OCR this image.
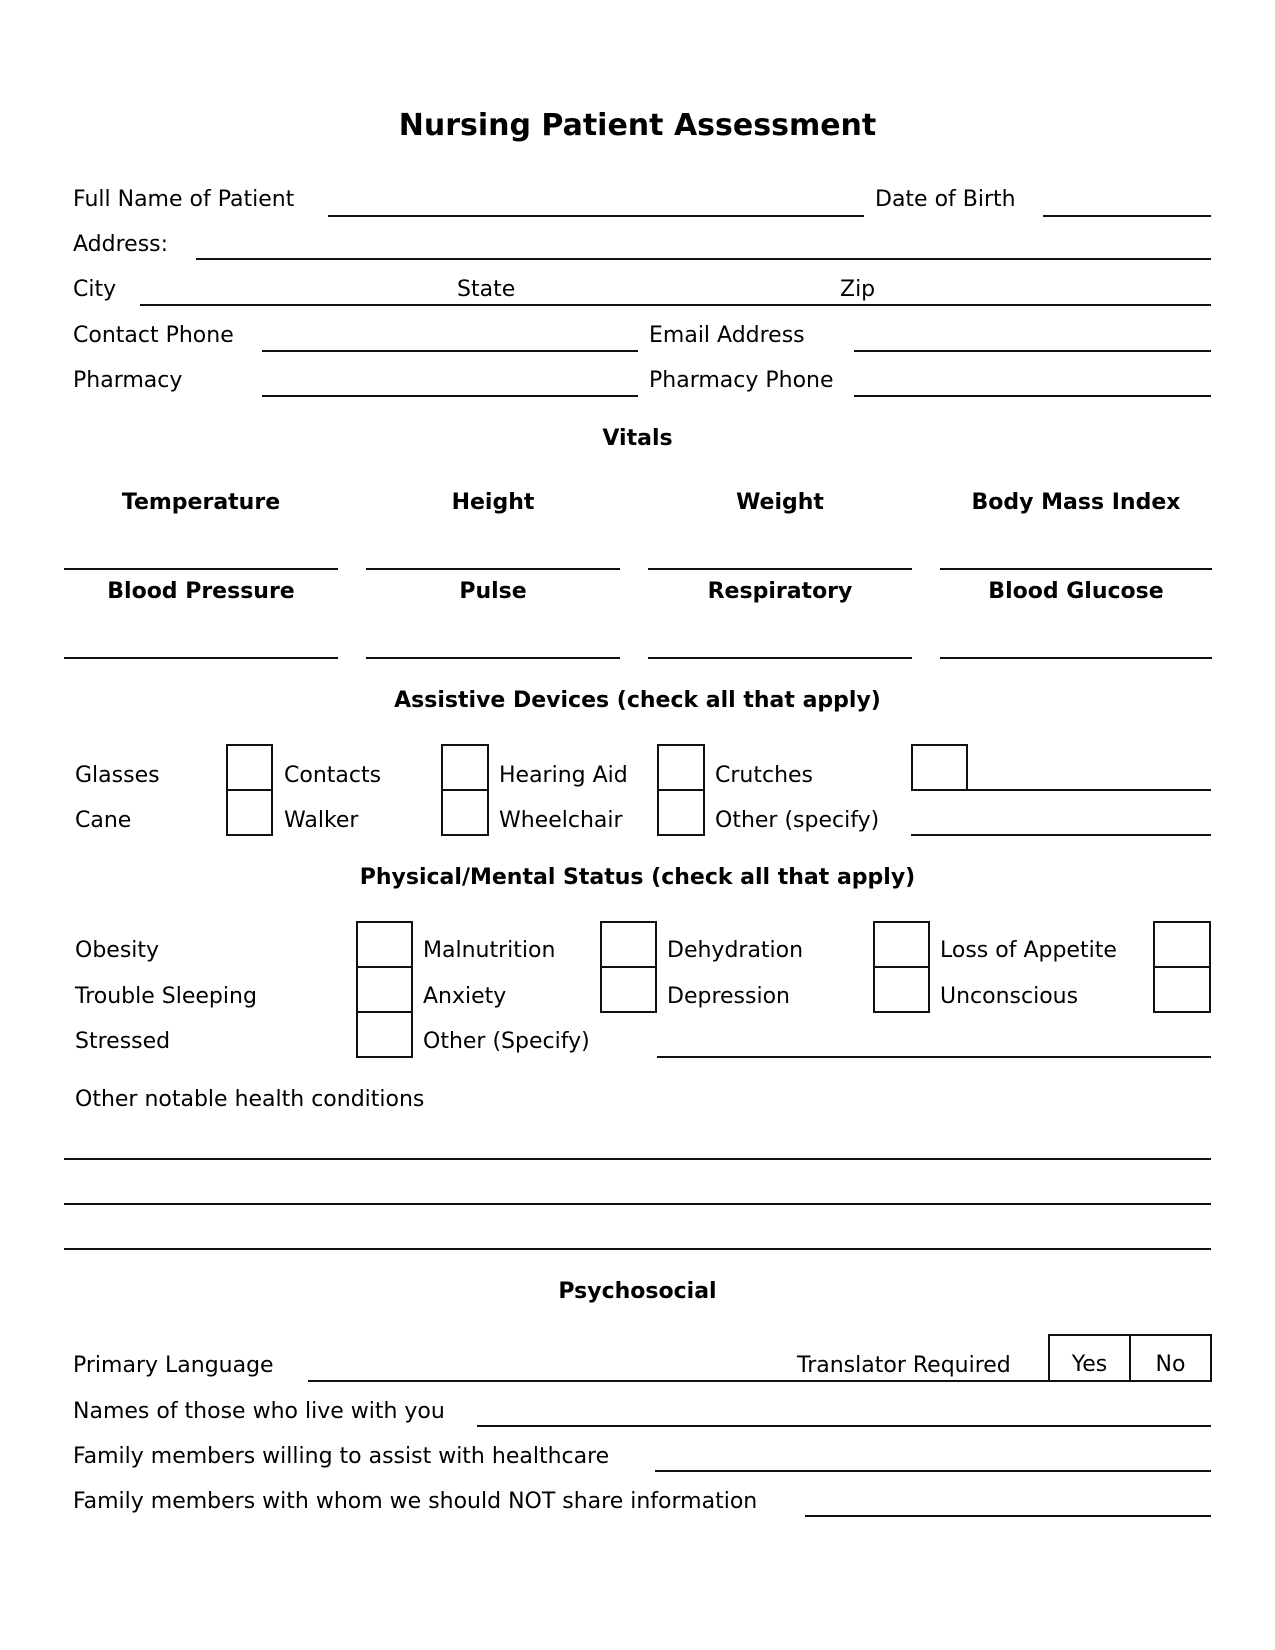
Nursing Patient Assessment
Full Name of Patient	Date of Birth
Address:
City	State	Zip
Contact Phone	Email Address
Pharmacy	Pharmacy Phone
Vitals
Temperature	Height	Weight	Body Mass Index
Blood Pressure	Pulse	Respiratory	Blood Glucose
Assistive Devices (check all that apply)
Glasses	Contacts	Hearing Aid	Crutches
Cane	Walker	Wheelchair	Other (specify)
Physical/Mental Status (check all that apply)
Obesity	Malnutrition	Dehydration	Loss of Appetite
Trouble Sleeping	Anxiety	Depression	Unconscious
Stressed	Other (Specify)
Other notable health conditions
Psychosocial
Primary Language	Translator Required	Yes	No
Names of those who live with you
Family members willing to assist with healthcare
Family members with whom we should NOT share information
